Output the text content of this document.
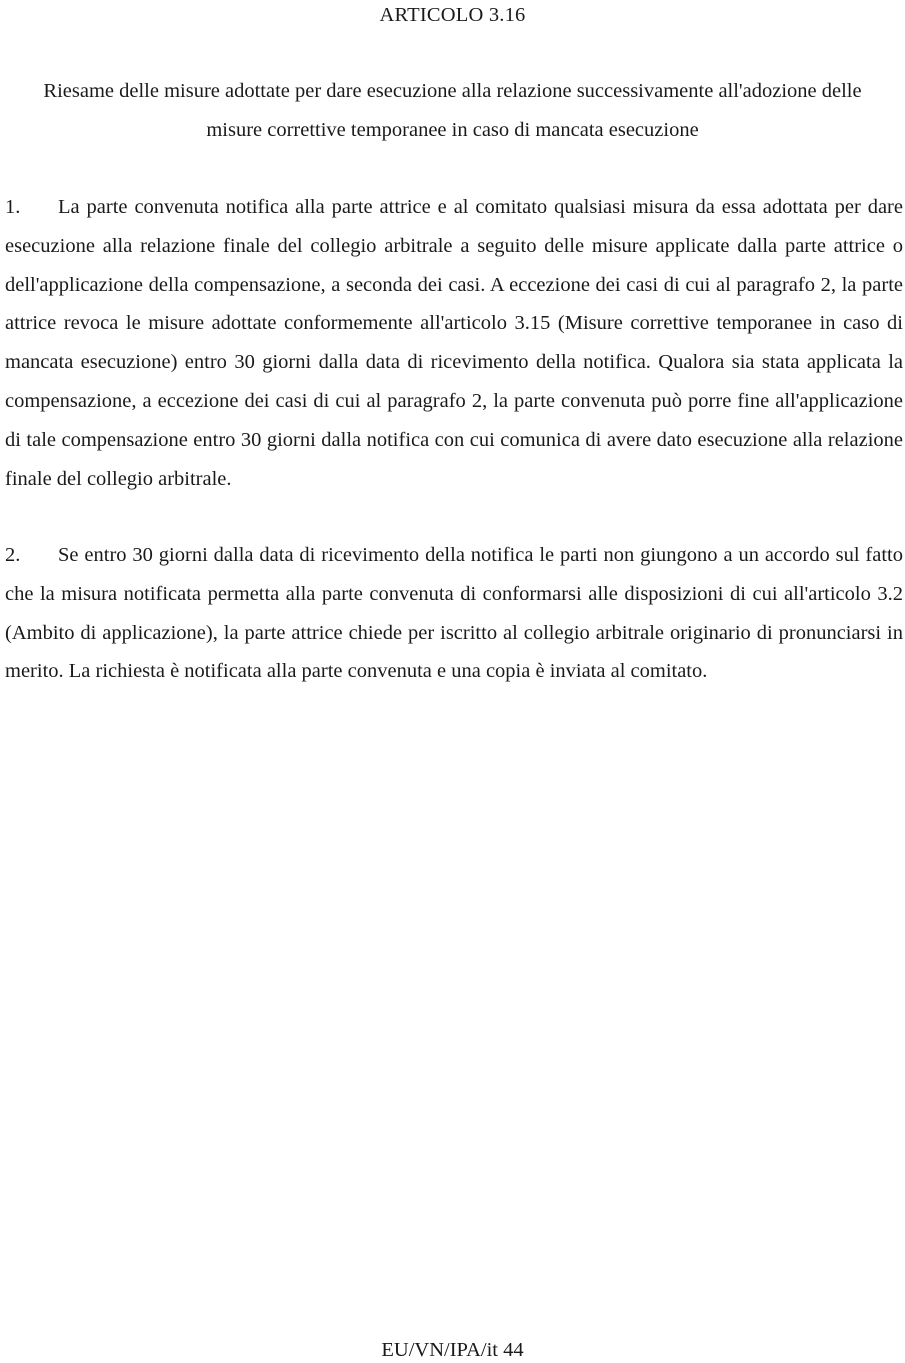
ARTICOLO 3.16
Riesame delle misure adottate per dare esecuzione alla relazione successivamente all'adozione delle misure correttive temporanee in caso di mancata esecuzione

1. La parte convenuta notifica alla parte attrice e al comitato qualsiasi misura da essa adottata per dare esecuzione alla relazione finale del collegio arbitrale a seguito delle misure applicate dalla parte attrice o dell'applicazione della compensazione, a seconda dei casi. A eccezione dei casi di cui al paragrafo 2, la parte attrice revoca le misure adottate conformemente all'articolo 3.15 (Misure correttive temporanee in caso di mancata esecuzione) entro 30 giorni dalla data di ricevimento della notifica. Qualora sia stata applicata la compensazione, a eccezione dei casi di cui al paragrafo 2, la parte convenuta può porre fine all'applicazione di tale compensazione entro 30 giorni dalla notifica con cui comunica di avere dato esecuzione alla relazione finale del collegio arbitrale.

2. Se entro 30 giorni dalla data di ricevimento della notifica le parti non giungono a un accordo sul fatto che la misura notificata permetta alla parte convenuta di conformarsi alle disposizioni di cui all'articolo 3.2 (Ambito di applicazione), la parte attrice chiede per iscritto al collegio arbitrale originario di pronunciarsi in merito. La richiesta è notificata alla parte convenuta e una copia è inviata al comitato.

EU/VN/IPA/it 44
